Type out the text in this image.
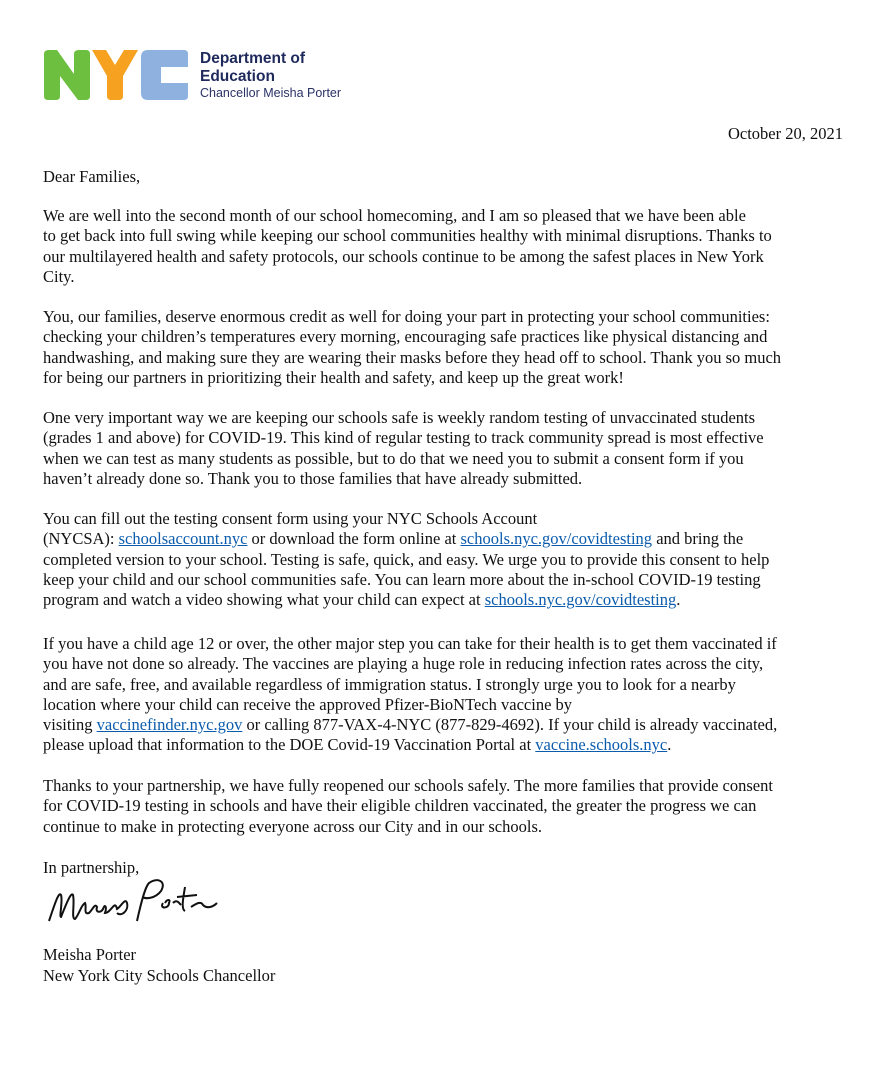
Department of
Education
Chancellor Meisha Porter
October 20, 2021
Dear Families,
We are well into the second month of our school homecoming, and I am so pleased that we have been able
to get back into full swing while keeping our school communities healthy with minimal disruptions. Thanks to
our multilayered health and safety protocols, our schools continue to be among the safest places in New York
City.
You, our families, deserve enormous credit as well for doing your part in protecting your school communities:
checking your children’s temperatures every morning, encouraging safe practices like physical distancing and
handwashing, and making sure they are wearing their masks before they head off to school. Thank you so much
for being our partners in prioritizing their health and safety, and keep up the great work!
One very important way we are keeping our schools safe is weekly random testing of unvaccinated students
(grades 1 and above) for COVID-19. This kind of regular testing to track community spread is most effective
when we can test as many students as possible, but to do that we need you to submit a consent form if you
haven’t already done so. Thank you to those families that have already submitted.
You can fill out the testing consent form using your NYC Schools Account
(NYCSA): schoolsaccount.nyc or download the form online at schools.nyc.gov/covidtesting and bring the
completed version to your school. Testing is safe, quick, and easy. We urge you to provide this consent to help
keep your child and our school communities safe. You can learn more about the in-school COVID-19 testing
program and watch a video showing what your child can expect at schools.nyc.gov/covidtesting.
If you have a child age 12 or over, the other major step you can take for their health is to get them vaccinated if
you have not done so already. The vaccines are playing a huge role in reducing infection rates across the city,
and are safe, free, and available regardless of immigration status. I strongly urge you to look for a nearby
location where your child can receive the approved Pfizer-BioNTech vaccine by
visiting vaccinefinder.nyc.gov or calling 877-VAX-4-NYC (877-829-4692). If your child is already vaccinated,
please upload that information to the DOE Covid-19 Vaccination Portal at vaccine.schools.nyc.
Thanks to your partnership, we have fully reopened our schools safely. The more families that provide consent
for COVID-19 testing in schools and have their eligible children vaccinated, the greater the progress we can
continue to make in protecting everyone across our City and in our schools.
In partnership,
Meisha Porter
New York City Schools Chancellor
